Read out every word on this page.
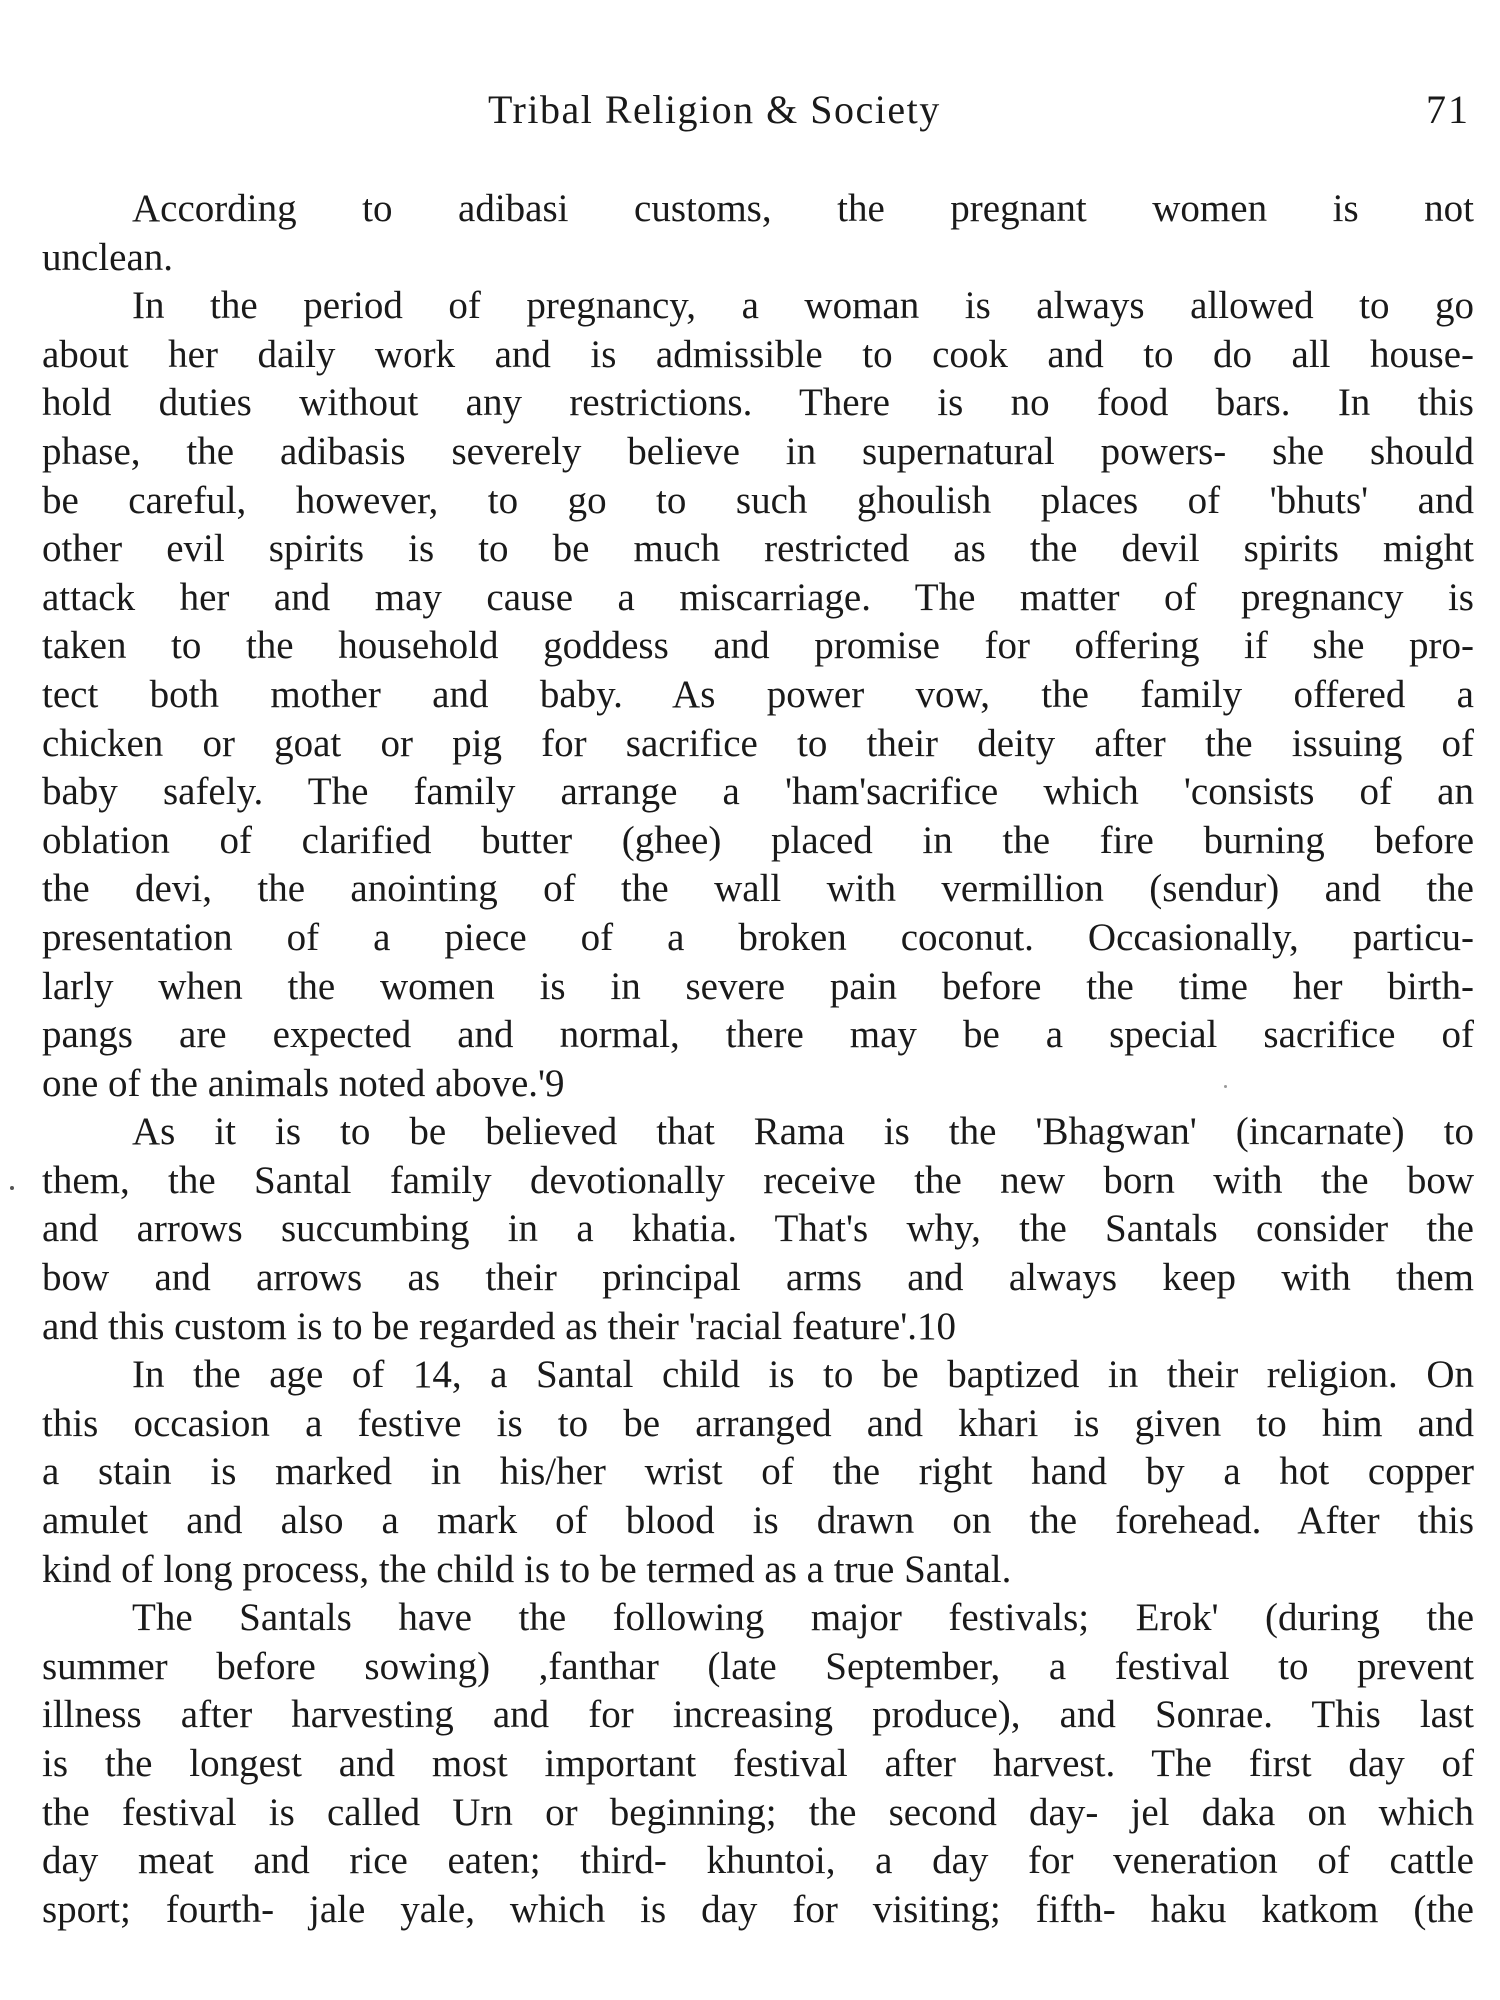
Tribal Religion & Society	71
According to adibasi customs, the pregnant women is not
unclean.
In the period of pregnancy, a woman is always allowed to go
about her daily work and is admissible to cook and to do all house-
hold duties without any restrictions. There is no food bars. In this
phase, the adibasis severely believe in supernatural powers- she should
be careful, however, to go to such ghoulish places of 'bhuts' and
other evil spirits is to be much restricted as the devil spirits might
attack her and may cause a miscarriage. The matter of pregnancy is
taken to the household goddess and promise for offering if she pro-
tect both mother and baby. As power vow, the family offered a
chicken or goat or pig for sacrifice to their deity after the issuing of
baby safely. The family arrange a 'ham'sacrifice which 'consists of an
oblation of clarified butter (ghee) placed in the fire burning before
the devi, the anointing of the wall with vermillion (sendur) and the
presentation of a piece of a broken coconut. Occasionally, particu-
larly when the women is in severe pain before the time her birth-
pangs are expected and normal, there may be a special sacrifice of
one of the animals noted above.'9
As it is to be believed that Rama is the 'Bhagwan' (incarnate) to
them, the Santal family devotionally receive the new born with the bow
and arrows succumbing in a khatia. That's why, the Santals consider the
bow and arrows as their principal arms and always keep with them
and this custom is to be regarded as their 'racial feature'.10
In the age of 14, a Santal child is to be baptized in their religion. On
this occasion a festive is to be arranged and khari is given to him and
a stain is marked in his/her wrist of the right hand by a hot copper
amulet and also a mark of blood is drawn on the forehead. After this
kind of long process, the child is to be termed as a true Santal.
The Santals have the following major festivals; Erok' (during the
summer before sowing) ,fanthar (late September, a festival to prevent
illness after harvesting and for increasing produce), and Sonrae. This last
is the longest and most important festival after harvest. The first day of
the festival is called Urn or beginning; the second day- jel daka on which
day meat and rice eaten; third- khuntoi, a day for veneration of cattle
sport; fourth- jale yale, which is day for visiting; fifth- haku katkom (the
